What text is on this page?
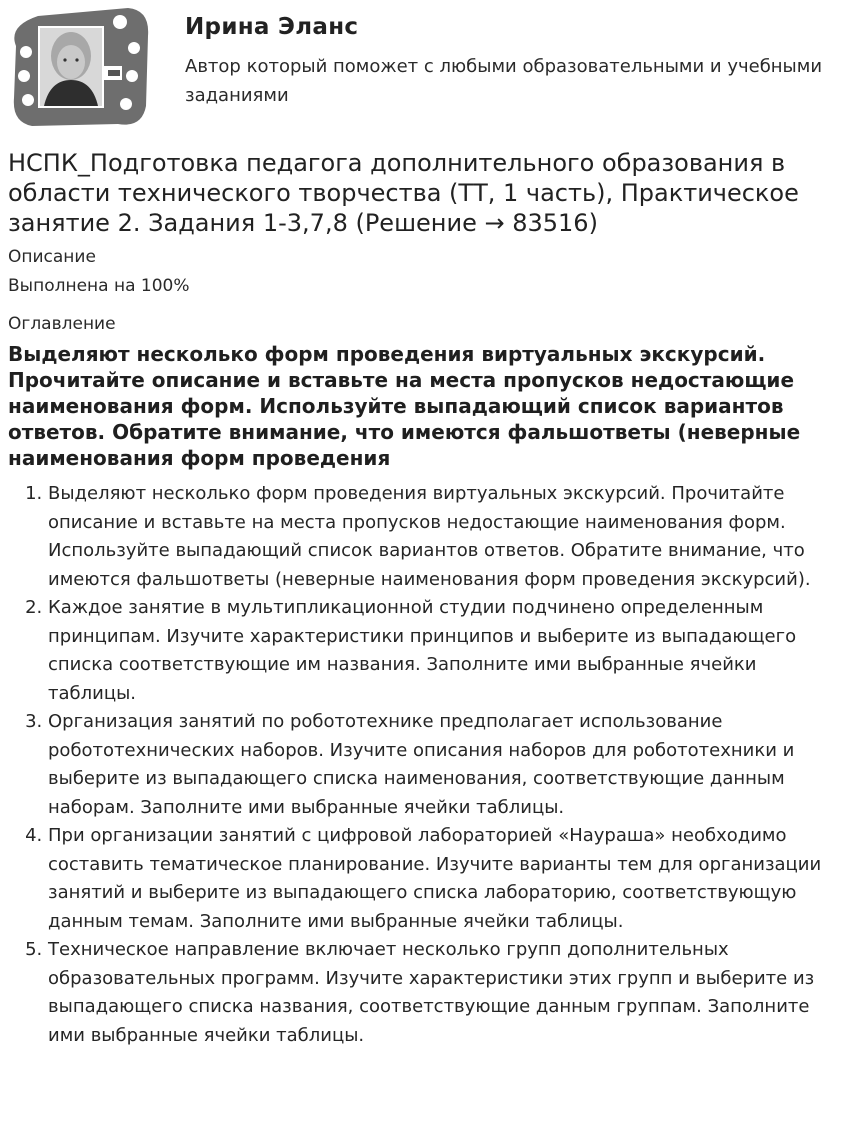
Ирина Эланс
Автор который поможет с любыми образовательными и учебными заданиями
НСПК_Подготовка педагога дополнительного образования в области технического творчества (ТТ, 1 часть), Практическое занятие 2. Задания 1-3,7,8 (Решение → 83516)
Описание
Выполнена на 100%
Оглавление
Выделяют несколько форм проведения виртуальных экскурсий. Прочитайте описание и вставьте на места пропусков недостающие наименования форм. Используйте выпадающий список вариантов ответов. Обратите внимание, что имеются фальшответы (неверные наименования форм проведения
1. Выделяют несколько форм проведения виртуальных экскурсий. Прочитайте описание и вставьте на места пропусков недостающие наименования форм. Используйте выпадающий список вариантов ответов. Обратите внимание, что имеются фальшответы (неверные наименования форм проведения экскурсий).
2. Каждое занятие в мультипликационной студии подчинено определенным принципам. Изучите характеристики принципов и выберите из выпадающего списка соответствующие им названия. Заполните ими выбранные ячейки таблицы.
3. Организация занятий по робототехнике предполагает использование робототехнических наборов. Изучите описания наборов для робототехники и выберите из выпадающего списка наименования, соответствующие данным наборам. Заполните ими выбранные ячейки таблицы.
4. При организации занятий с цифровой лабораторией «Наураша» необходимо составить тематическое планирование. Изучите варианты тем для организации занятий и выберите из выпадающего списка лабораторию, соответствующую данным темам. Заполните ими выбранные ячейки таблицы.
5. Техническое направление включает несколько групп дополнительных образовательных программ. Изучите характеристики этих групп и выберите из выпадающего списка названия, соответствующие данным группам. Заполните ими выбранные ячейки таблицы.
